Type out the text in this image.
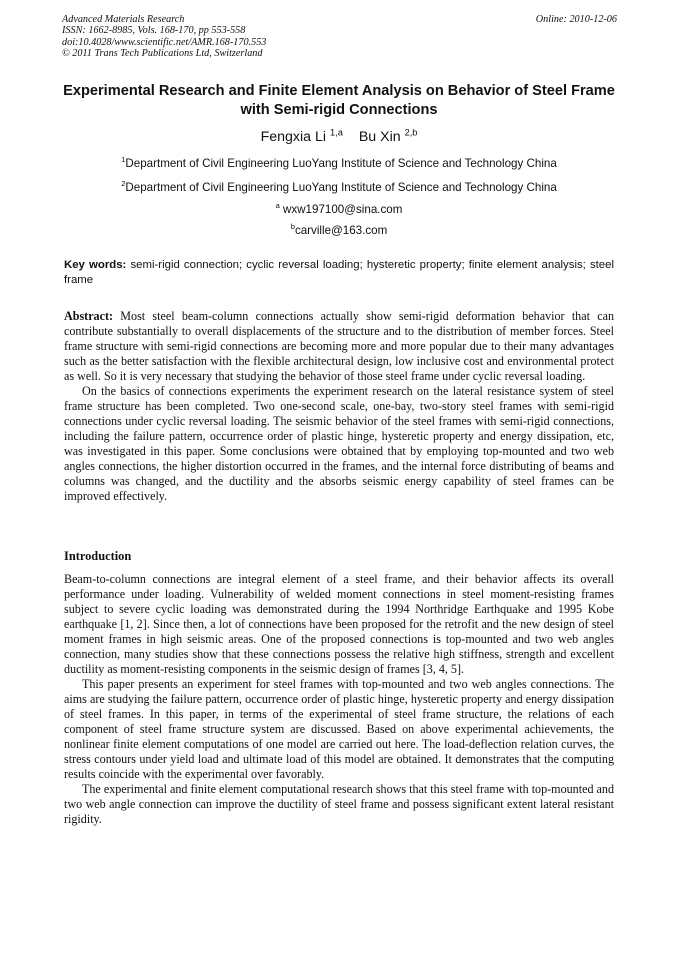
Advanced Materials Research
ISSN: 1662-8985, Vols. 168-170, pp 553-558
doi:10.4028/www.scientific.net/AMR.168-170.553
© 2011 Trans Tech Publications Ltd, Switzerland
Online: 2010-12-06
Experimental Research and Finite Element Analysis on Behavior of Steel Frame with Semi-rigid Connections
Fengxia Li $^{1,a}$ Bu Xin $^{2,b}$
$^1$Department of Civil Engineering LuoYang Institute of Science and Technology China
$^2$Department of Civil Engineering LuoYang Institute of Science and Technology China
$^a$ wxw197100@sina.com
$^b$carville@163.com
Key words: semi-rigid connection; cyclic reversal loading; hysteretic property; finite element analysis; steel frame

Abstract: Most steel beam-column connections actually show semi-rigid deformation behavior that can contribute substantially to overall displacements of the structure and to the distribution of member forces. Steel frame structure with semi-rigid connections are becoming more and more popular due to their many advantages such as the better satisfaction with the flexible architectural design, low inclusive cost and environmental protect as well. So it is very necessary that studying the behavior of those steel frame under cyclic reversal loading.

On the basics of connections experiments the experiment research on the lateral resistance system of steel frame structure has been completed. Two one-second scale, one-bay, two-story steel frames with semi-rigid connections under cyclic reversal loading. The seismic behavior of the steel frames with semi-rigid connections, including the failure pattern, occurrence order of plastic hinge, hysteretic property and energy dissipation, etc, was investigated in this paper. Some conclusions were obtained that by employing top-mounted and two web angles connections, the higher distortion occurred in the frames, and the internal force distributing of beams and columns was changed, and the ductility and the absorbs seismic energy capability of steel frames can be improved effectively.

Introduction

Beam-to-column connections are integral element of a steel frame, and their behavior affects its overall performance under loading. Vulnerability of welded moment connections in steel moment-resisting frames subject to severe cyclic loading was demonstrated during the 1994 Northridge Earthquake and 1995 Kobe earthquake [1, 2]. Since then, a lot of connections have been proposed for the retrofit and the new design of steel moment frames in high seismic areas. One of the proposed connections is top-mounted and two web angles connection, many studies show that these connections possess the relative high stiffness, strength and excellent ductility as moment-resisting components in the seismic design of frames [3, 4, 5].

This paper presents an experiment for steel frames with top-mounted and two web angles connections. The aims are studying the failure pattern, occurrence order of plastic hinge, hysteretic property and energy dissipation of steel frames. In this paper, in terms of the experimental of steel frame structure, the relations of each component of steel frame structure system are discussed. Based on above experimental achievements, the nonlinear finite element computations of one model are carried out here. The load-deflection relation curves, the stress contours under yield load and ultimate load of this model are obtained. It demonstrates that the computing results coincide with the experimental over favorably.

The experimental and finite element computational research shows that this steel frame with top-mounted and two web angle connection can improve the ductility of steel frame and possess significant extent lateral resistant rigidity.
